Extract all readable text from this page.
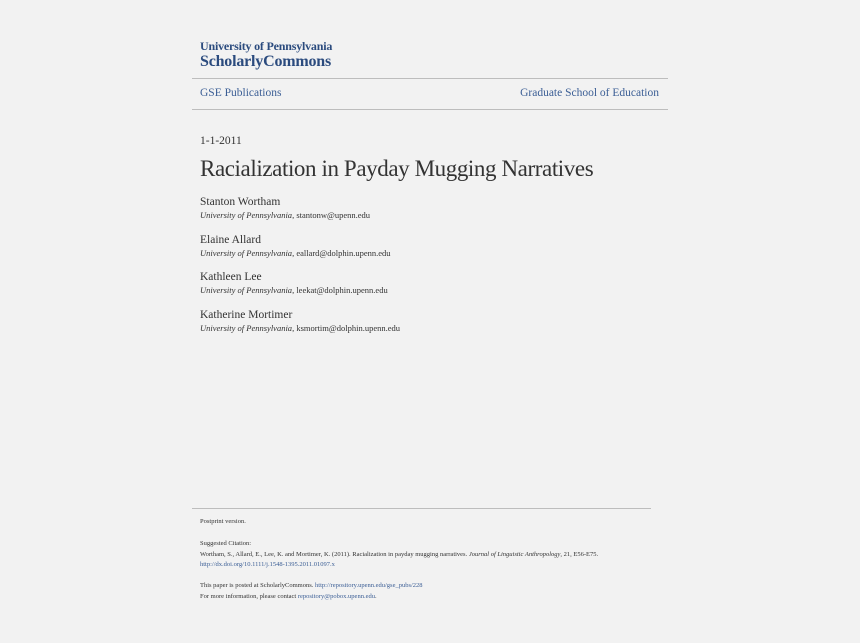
University of Pennsylvania
ScholarlyCommons
GSE Publications	Graduate School of Education
1-1-2011
Racialization in Payday Mugging Narratives
Stanton Wortham
University of Pennsylvania, stantonw@upenn.edu
Elaine Allard
University of Pennsylvania, eallard@dolphin.upenn.edu
Kathleen Lee
University of Pennsylvania, leekat@dolphin.upenn.edu
Katherine Mortimer
University of Pennsylvania, ksmortim@dolphin.upenn.edu
Postprint version.
Suggested Citation:
Wortham, S., Allard, E., Lee, K. and Mortimer, K. (2011). Racialization in payday mugging narratives. Journal of Linguistic Anthropology, 21, E56-E75.
http://dx.doi.org/10.1111/j.1548-1395.2011.01097.x
This paper is posted at ScholarlyCommons. http://repository.upenn.edu/gse_pubs/228
For more information, please contact repository@pobox.upenn.edu.
